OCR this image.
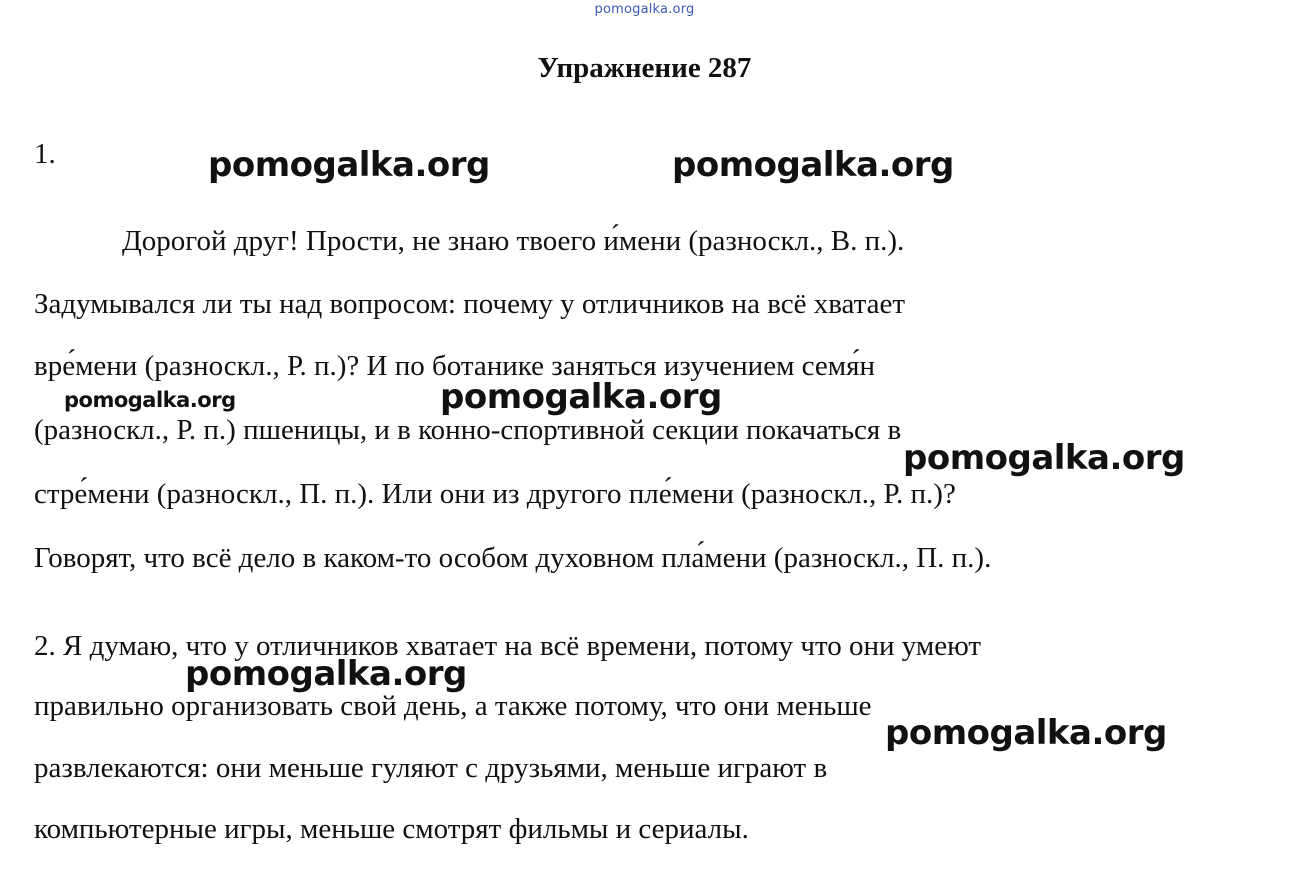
pomogalka.org
Упражнение 287
1.
Дорогой друг! Прости, не знаю твоего и́мени (разноскл., В. п.).
Задумывался ли ты над вопросом: почему у отличников на всё хватает
вре́мени (разноскл., Р. п.)? И по ботанике заняться изучением семя́н
(разноскл., Р. п.) пшеницы, и в конно-спортивной секции покачаться в
стре́мени (разноскл., П. п.). Или они из другого пле́мени (разноскл., Р. п.)?
Говорят, что всё дело в каком-то особом духовном пла́мени (разноскл., П. п.).
2. Я думаю, что у отличников хватает на всё времени, потому что они умеют
правильно организовать свой день, а также потому, что они меньше
развлекаются: они меньше гуляют с друзьями, меньше играют в
компьютерные игры, меньше смотрят фильмы и сериалы.
pomogalka.org	pomogalka.org
pomogalka.org	pomogalka.org
pomogalka.org
pomogalka.org
pomogalka.org
